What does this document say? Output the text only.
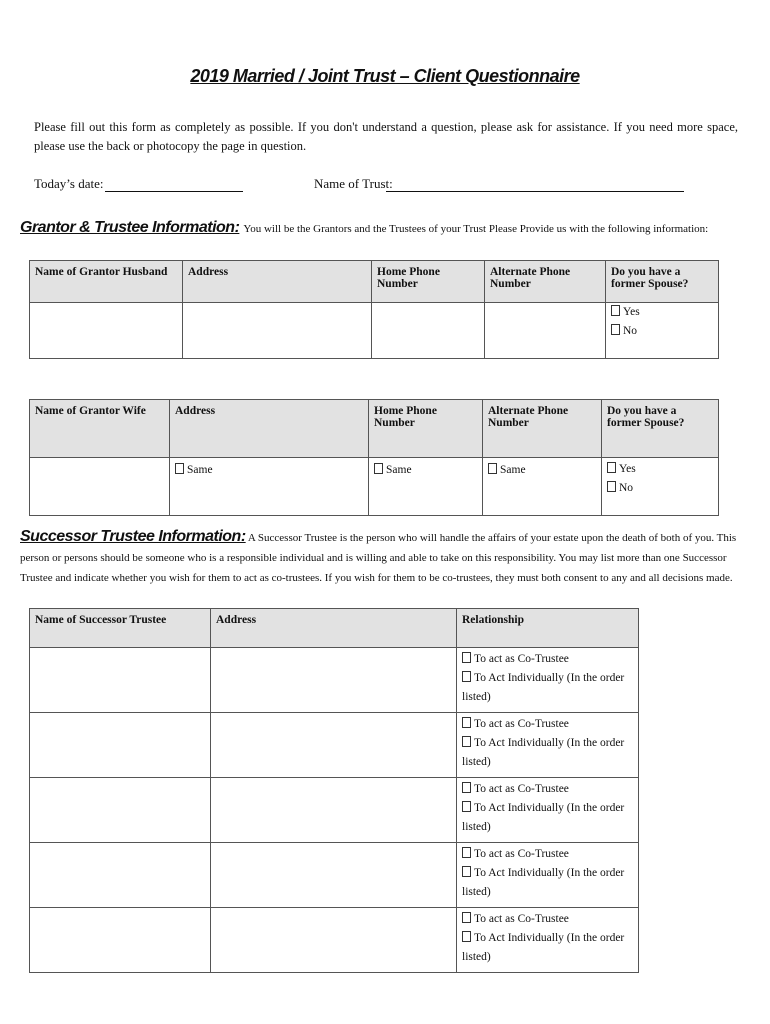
2019 Married / Joint Trust – Client Questionnaire
Please fill out this form as completely as possible. If you don't understand a question, please ask for assistance. If you need more space, please use the back or photocopy the page in question.
Today’s date:	Name of Trust:
Grantor & Trustee Information: You will be the Grantors and the Trustees of your Trust Please Provide us with the following information:
Name of Grantor Husband	Address	Home Phone Number	Alternate Phone Number	Do you have a former Spouse?

				Yes
No
Name of Grantor Wife	Address	Home Phone Number	Alternate Phone Number	Do you have a former Spouse?

	Same	Same	Same	Yes
No
Successor Trustee Information: A Successor Trustee is the person who will handle the affairs of your estate upon the death of both of you. This person or persons should be someone who is a responsible individual and is willing and able to take on this responsibility. You may list more than one Successor Trustee and indicate whether you wish for them to act as co-trustees. If you wish for them to be co-trustees, they must both consent to any and all decisions made.
Name of Successor Trustee	Address	Relationship

		To act as Co-Trustee
To Act Individually (In the order listed)

		To act as Co-Trustee
To Act Individually (In the order listed)

		To act as Co-Trustee
To Act Individually (In the order listed)

		To act as Co-Trustee
To Act Individually (In the order listed)

		To act as Co-Trustee
To Act Individually (In the order listed)
